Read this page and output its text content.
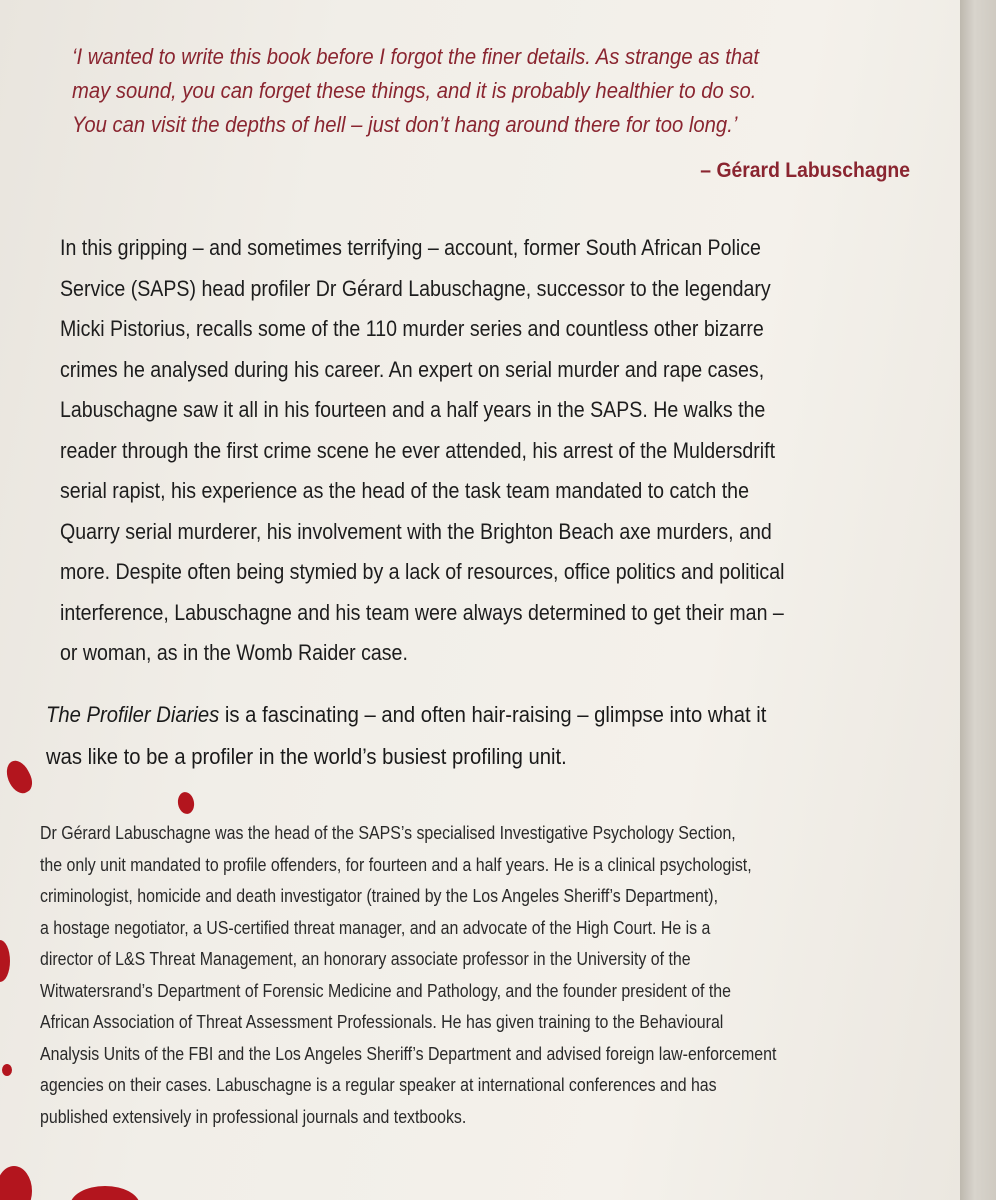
‘I wanted to write this book before I forgot the finer details. As strange as that

may sound, you can forget these things, and it is probably healthier to do so.

You can visit the depths of hell – just don’t hang around there for too long.’

– Gérard Labuschagne

In this gripping – and sometimes terrifying – account, former South African Police

Service (SAPS) head profiler Dr Gérard Labuschagne, successor to the legendary

Micki Pistorius, recalls some of the 110 murder series and countless other bizarre

crimes he analysed during his career. An expert on serial murder and rape cases,

Labuschagne saw it all in his fourteen and a half years in the SAPS. He walks the

reader through the first crime scene he ever attended, his arrest of the Muldersdrift

serial rapist, his experience as the head of the task team mandated to catch the

Quarry serial murderer, his involvement with the Brighton Beach axe murders, and

more. Despite often being stymied by a lack of resources, office politics and political

interference, Labuschagne and his team were always determined to get their man –

or woman, as in the Womb Raider case.

The Profiler Diaries is a fascinating – and often hair-raising – glimpse into what it

was like to be a profiler in the world’s busiest profiling unit.

Dr Gérard Labuschagne was the head of the SAPS’s specialised Investigative Psychology Section,

the only unit mandated to profile offenders, for fourteen and a half years. He is a clinical psychologist,

criminologist, homicide and death investigator (trained by the Los Angeles Sheriff’s Department),

a hostage negotiator, a US-certified threat manager, and an advocate of the High Court. He is a

director of L&S Threat Management, an honorary associate professor in the University of the

Witwatersrand’s Department of Forensic Medicine and Pathology, and the founder president of the

African Association of Threat Assessment Professionals. He has given training to the Behavioural

Analysis Units of the FBI and the Los Angeles Sheriff’s Department and advised foreign law-enforcement

agencies on their cases. Labuschagne is a regular speaker at international conferences and has

published extensively in professional journals and textbooks.
